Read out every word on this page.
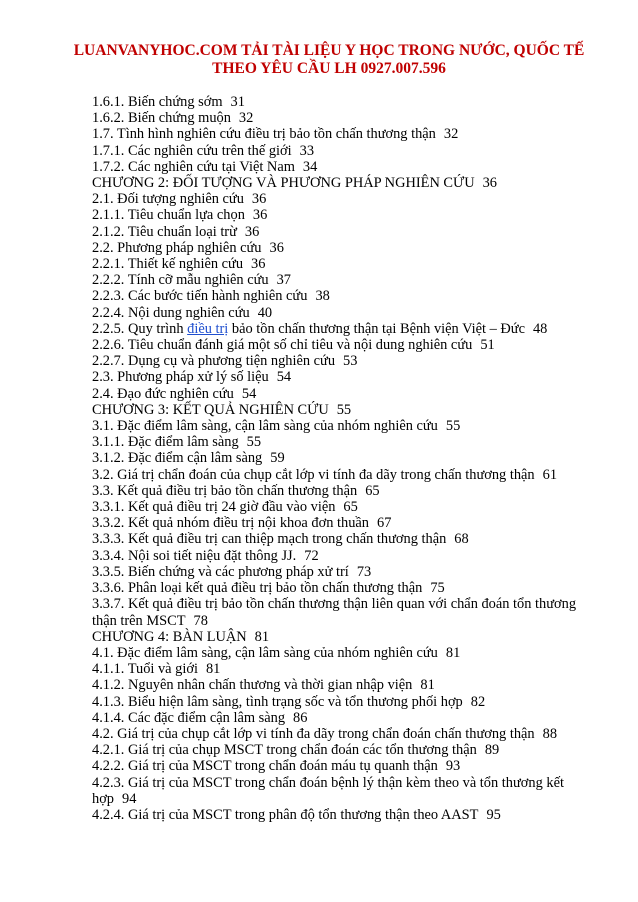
LUANVANYHOC.COM TẢI TÀI LIỆU Y HỌC TRONG NƯỚC, QUỐC TẾ
THEO YÊU CẦU LH 0927.007.596
1.6.1. Biến chứng sớm 31
1.6.2. Biến chứng muộn 32
1.7. Tình hình nghiên cứu điều trị bảo tồn chấn thương thận 32
1.7.1. Các nghiên cứu trên thế giới 33
1.7.2. Các nghiên cứu tại Việt Nam 34
CHƯƠNG 2: ĐỐI TƯỢNG VÀ PHƯƠNG PHÁP NGHIÊN CỨU 36
2.1. Đối tượng nghiên cứu 36
2.1.1. Tiêu chuẩn lựa chọn 36
2.1.2. Tiêu chuẩn loại trừ 36
2.2. Phương pháp nghiên cứu 36
2.2.1. Thiết kế nghiên cứu 36
2.2.2. Tính cỡ mẫu nghiên cứu 37
2.2.3. Các bước tiến hành nghiên cứu 38
2.2.4. Nội dung nghiên cứu 40
2.2.5. Quy trình điều trị bảo tồn chấn thương thận tại Bệnh viện Việt – Đức 48
2.2.6. Tiêu chuẩn đánh giá một số chỉ tiêu và nội dung nghiên cứu 51
2.2.7. Dụng cụ và phương tiện nghiên cứu 53
2.3. Phương pháp xử lý số liệu 54
2.4. Đạo đức nghiên cứu 54
CHƯƠNG 3: KẾT QUẢ NGHIÊN CỨU 55
3.1. Đặc điểm lâm sàng, cận lâm sàng của nhóm nghiên cứu 55
3.1.1. Đặc điểm lâm sàng 55
3.1.2. Đặc điểm cận lâm sàng 59
3.2. Giá trị chẩn đoán của chụp cắt lớp vi tính đa dãy trong chấn thương thận 61
3.3. Kết quả điều trị bảo tồn chấn thương thận 65
3.3.1. Kết quả điều trị 24 giờ đầu vào viện 65
3.3.2. Kết quả nhóm điều trị nội khoa đơn thuần 67
3.3.3. Kết quả điều trị can thiệp mạch trong chấn thương thận 68
3.3.4. Nội soi tiết niệu đặt thông JJ. 72
3.3.5. Biến chứng và các phương pháp xử trí 73
3.3.6. Phân loại kết quả điều trị bảo tồn chấn thương thận 75
3.3.7. Kết quả điều trị bảo tồn chấn thương thận liên quan với chẩn đoán tổn thương thận trên MSCT 78
CHƯƠNG 4: BÀN LUẬN 81
4.1. Đặc điểm lâm sàng, cận lâm sàng của nhóm nghiên cứu 81
4.1.1. Tuổi và giới 81
4.1.2. Nguyên nhân chấn thương và thời gian nhập viện 81
4.1.3. Biểu hiện lâm sàng, tình trạng sốc và tổn thương phối hợp 82
4.1.4. Các đặc điểm cận lâm sàng 86
4.2. Giá trị của chụp cắt lớp vi tính đa dãy trong chẩn đoán chấn thương thận 88
4.2.1. Giá trị của chụp MSCT trong chẩn đoán các tổn thương thận 89
4.2.2. Giá trị của MSCT trong chẩn đoán máu tụ quanh thận 93
4.2.3. Giá trị của MSCT trong chẩn đoán bệnh lý thận kèm theo và tổn thương kết hợp 94
4.2.4. Giá trị của MSCT trong phân độ tổn thương thận theo AAST 95
